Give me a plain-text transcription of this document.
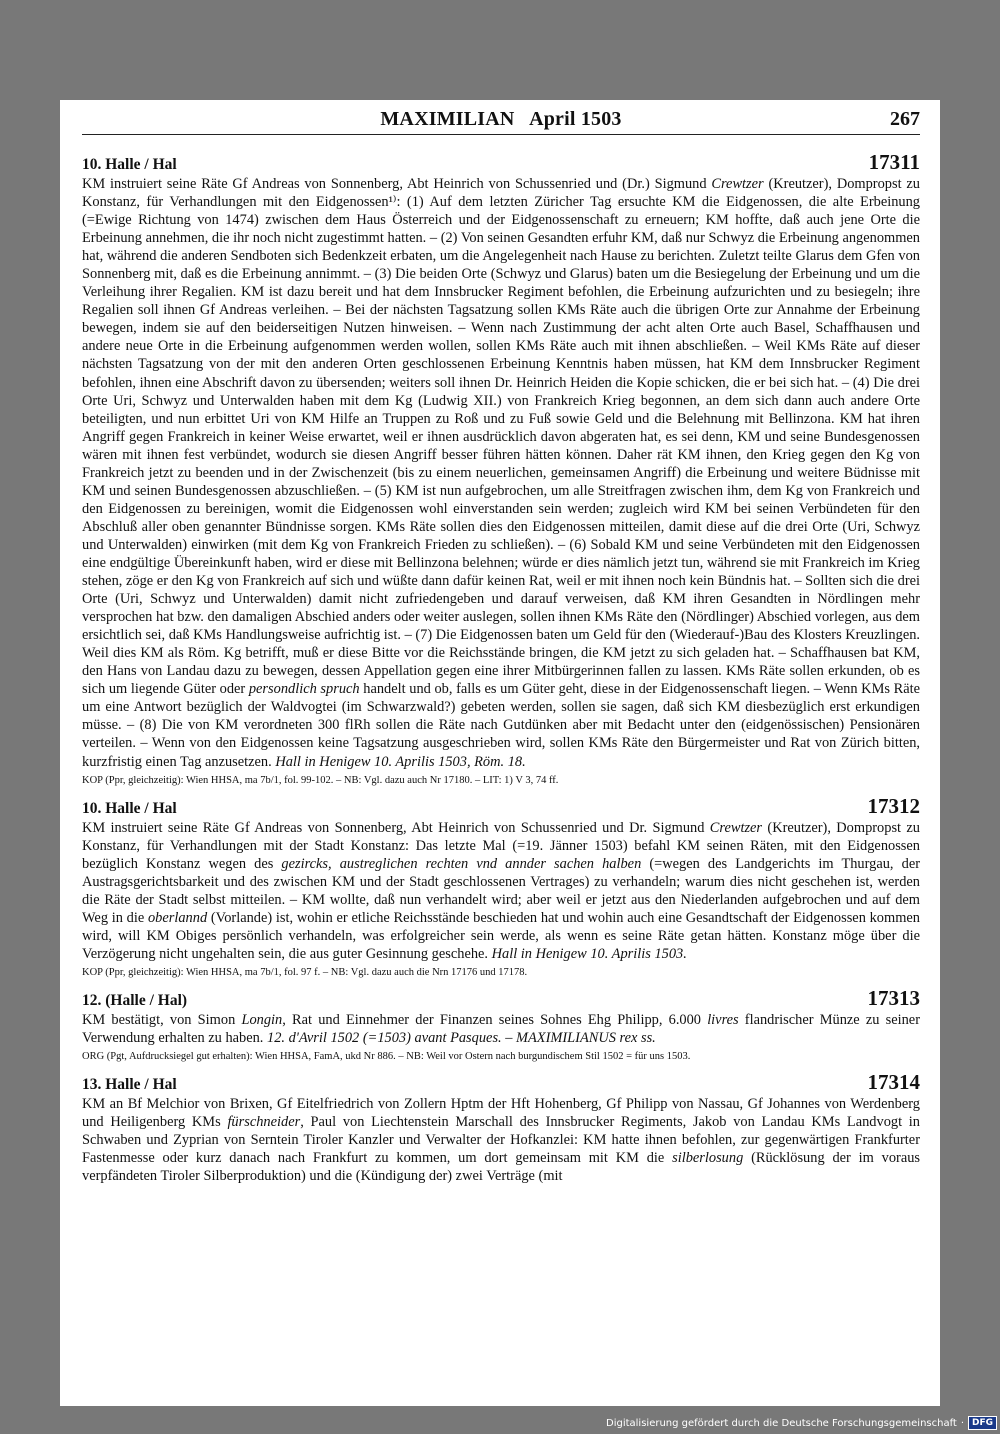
MAXIMILIAN   April 1503	267
10. Halle / Hal	17311

KM instruiert seine Räte Gf Andreas von Sonnenberg, Abt Heinrich von Schussenried und (Dr.) Sigmund Crewtzer (Kreutzer), Dompropst zu Konstanz, für Verhandlungen mit den Eidgenossen¹⁾: (1) Auf dem letzten Züricher Tag ersuchte KM die Eidgenossen, die alte Erbeinung (=Ewige Richtung von 1474) zwischen dem Haus Österreich und der Eidgenossenschaft zu erneuern; KM hoffte, daß auch jene Orte die Erbeinung annehmen, die ihr noch nicht zugestimmt hatten. – (2) Von seinen Gesandten erfuhr KM, daß nur Schwyz die Erbeinung angenommen hat, während die anderen Sendboten sich Bedenkzeit erbaten, um die Angelegenheit nach Hause zu berichten. Zuletzt teilte Glarus dem Gfen von Sonnenberg mit, daß es die Erbeinung annimmt. – (3) Die beiden Orte (Schwyz und Glarus) baten um die Besiegelung der Erbeinung und um die Verleihung ihrer Regalien. KM ist dazu bereit und hat dem Innsbrucker Regiment befohlen, die Erbeinung aufzurichten und zu besiegeln; ihre Regalien soll ihnen Gf Andreas verleihen. – Bei der nächsten Tagsatzung sollen KMs Räte auch die übrigen Orte zur Annahme der Erbeinung bewegen, indem sie auf den beiderseitigen Nutzen hinweisen. – Wenn nach Zustimmung der acht alten Orte auch Basel, Schaffhausen und andere neue Orte in die Erbeinung aufgenommen werden wollen, sollen KMs Räte auch mit ihnen abschließen. – Weil KMs Räte auf dieser nächsten Tagsatzung von der mit den anderen Orten geschlossenen Erbeinung Kenntnis haben müssen, hat KM dem Innsbrucker Regiment befohlen, ihnen eine Abschrift davon zu übersenden; weiters soll ihnen Dr. Heinrich Heiden die Kopie schicken, die er bei sich hat. – (4) Die drei Orte Uri, Schwyz und Unterwalden haben mit dem Kg (Ludwig XII.) von Frankreich Krieg begonnen, an dem sich dann auch andere Orte beteiligten, und nun erbittet Uri von KM Hilfe an Truppen zu Roß und zu Fuß sowie Geld und die Belehnung mit Bellinzona. KM hat ihren Angriff gegen Frankreich in keiner Weise erwartet, weil er ihnen ausdrücklich davon abgeraten hat, es sei denn, KM und seine Bundesgenossen wären mit ihnen fest verbündet, wodurch sie diesen Angriff besser führen hätten können. Daher rät KM ihnen, den Krieg gegen den Kg von Frankreich jetzt zu beenden und in der Zwischenzeit (bis zu einem neuerlichen, gemeinsamen Angriff) die Erbeinung und weitere Büdnisse mit KM und seinen Bundesgenossen abzuschließen. – (5) KM ist nun aufgebrochen, um alle Streitfragen zwischen ihm, dem Kg von Frankreich und den Eidgenossen zu bereinigen, womit die Eidgenossen wohl einverstanden sein werden; zugleich wird KM bei seinen Verbündeten für den Abschluß aller oben genannter Bündnisse sorgen. KMs Räte sollen dies den Eidgenossen mitteilen, damit diese auf die drei Orte (Uri, Schwyz und Unterwalden) einwirken (mit dem Kg von Frankreich Frieden zu schließen). – (6) Sobald KM und seine Verbündeten mit den Eidgenossen eine endgültige Übereinkunft haben, wird er diese mit Bellinzona belehnen; würde er dies nämlich jetzt tun, während sie mit Frankreich im Krieg stehen, zöge er den Kg von Frankreich auf sich und wüßte dann dafür keinen Rat, weil er mit ihnen noch kein Bündnis hat. – Sollten sich die drei Orte (Uri, Schwyz und Unterwalden) damit nicht zufriedengeben und darauf verweisen, daß KM ihren Gesandten in Nördlingen mehr versprochen hat bzw. den damaligen Abschied anders oder weiter auslegen, sollen ihnen KMs Räte den (Nördlinger) Abschied vorlegen, aus dem ersichtlich sei, daß KMs Handlungsweise aufrichtig ist. – (7) Die Eidgenossen baten um Geld für den (Wiederauf-)Bau des Klosters Kreuzlingen. Weil dies KM als Röm. Kg betrifft, muß er diese Bitte vor die Reichsstände bringen, die KM jetzt zu sich geladen hat. – Schaffhausen bat KM, den Hans von Landau dazu zu bewegen, dessen Appellation gegen eine ihrer Mitbürgerinnen fallen zu lassen. KMs Räte sollen erkunden, ob es sich um liegende Güter oder persondlich spruch handelt und ob, falls es um Güter geht, diese in der Eidgenossenschaft liegen. – Wenn KMs Räte um eine Antwort bezüglich der Waldvogtei (im Schwarzwald?) gebeten werden, sollen sie sagen, daß sich KM diesbezüglich erst erkundigen müsse. – (8) Die von KM verordneten 300 flRh sollen die Räte nach Gutdünken aber mit Bedacht unter den (eidgenössischen) Pensionären verteilen. – Wenn von den Eidgenossen keine Tagsatzung ausgeschrieben wird, sollen KMs Räte den Bürgermeister und Rat von Zürich bitten, kurzfristig einen Tag anzusetzen. Hall in Henigew 10. Aprilis 1503, Röm. 18.

KOP (Ppr, gleichzeitig): Wien HHSA, ma 7b/1, fol. 99-102. – NB: Vgl. dazu auch Nr 17180. – LIT: 1) V 3, 74 ff.
10. Halle / Hal	17312

KM instruiert seine Räte Gf Andreas von Sonnenberg, Abt Heinrich von Schussenried und Dr. Sigmund Crewtzer (Kreutzer), Dompropst zu Konstanz, für Verhandlungen mit der Stadt Konstanz: Das letzte Mal (=19. Jänner 1503) befahl KM seinen Räten, mit den Eidgenossen bezüglich Konstanz wegen des gezircks, austreglichen rechten vnd annder sachen halben (=wegen des Landgerichts im Thurgau, der Austragsgerichtsbarkeit und des zwischen KM und der Stadt geschlossenen Vertrages) zu verhandeln; warum dies nicht geschehen ist, werden die Räte der Stadt selbst mitteilen. – KM wollte, daß nun verhandelt wird; aber weil er jetzt aus den Niederlanden aufgebrochen und auf dem Weg in die oberlannd (Vorlande) ist, wohin er etliche Reichsstände beschieden hat und wohin auch eine Gesandtschaft der Eidgenossen kommen wird, will KM Obiges persönlich verhandeln, was erfolgreicher sein werde, als wenn es seine Räte getan hätten. Konstanz möge über die Verzögerung nicht ungehalten sein, die aus guter Gesinnung geschehe. Hall in Henigew 10. Aprilis 1503.

KOP (Ppr, gleichzeitig): Wien HHSA, ma 7b/1, fol. 97 f. – NB: Vgl. dazu auch die Nrn 17176 und 17178.
12. (Halle / Hal)	17313

KM bestätigt, von Simon Longin, Rat und Einnehmer der Finanzen seines Sohnes Ehg Philipp, 6.000 livres flandrischer Münze zu seiner Verwendung erhalten zu haben. 12. d'Avril 1502 (=1503) avant Pasques. – MAXIMILIANUS rex ss.

ORG (Pgt, Aufdrucksiegel gut erhalten): Wien HHSA, FamA, ukd Nr 886. – NB: Weil vor Ostern nach burgundischem Stil 1502 = für uns 1503.
13. Halle / Hal	17314

KM an Bf Melchior von Brixen, Gf Eitelfriedrich von Zollern Hptm der Hft Hohenberg, Gf Philipp von Nassau, Gf Johannes von Werdenberg und Heiligenberg KMs fürschneider, Paul von Liechtenstein Marschall des Innsbrucker Regiments, Jakob von Landau KMs Landvogt in Schwaben und Zyprian von Serntein Tiroler Kanzler und Verwalter der Hofkanzlei: KM hatte ihnen befohlen, zur gegenwärtigen Frankfurter Fastenmesse oder kurz danach nach Frankfurt zu kommen, um dort gemeinsam mit KM die silberlosung (Rücklösung der im voraus verpfändeten Tiroler Silberproduktion) und die (Kündigung der) zwei Verträge (mit

Digitalisierung gefördert durch die Deutsche Forschungsgemeinschaft · DFG
